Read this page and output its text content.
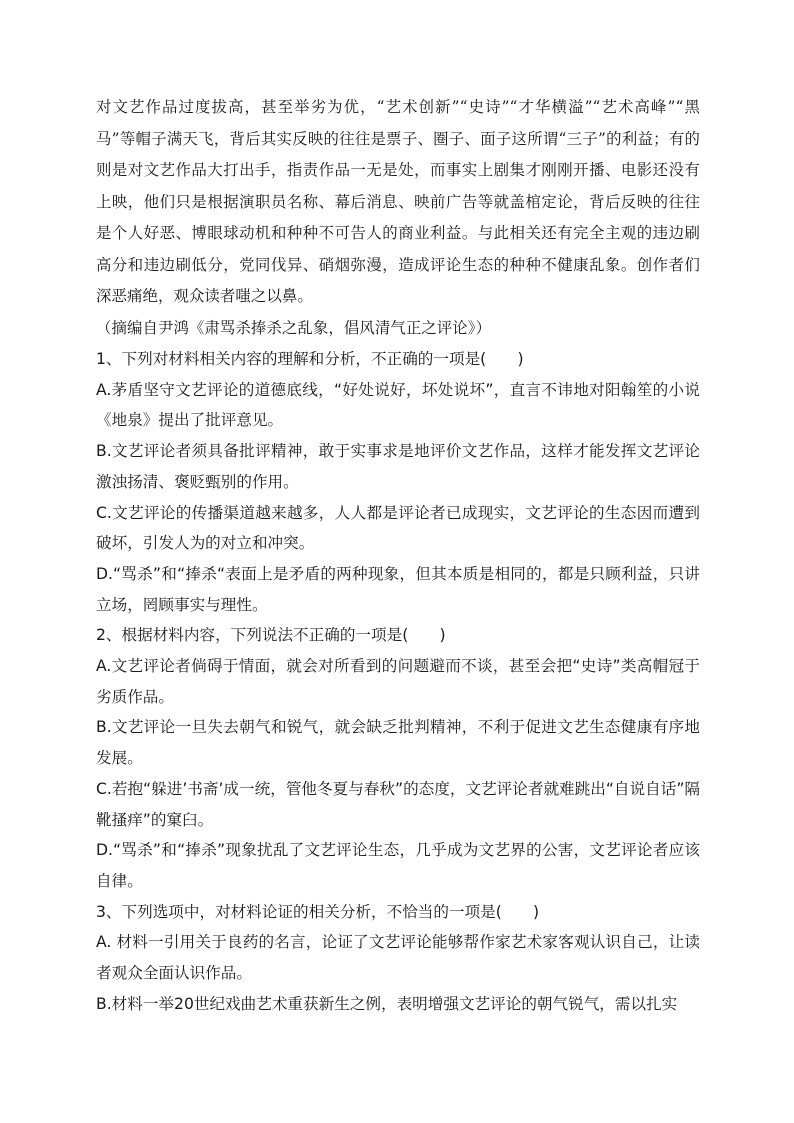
对文艺作品过度拔高，甚至举劣为优，“艺术创新”“史诗”“才华横溢”“艺术高峰”“黑马”等帽子满天飞，背后其实反映的往往是票子、圈子、面子这所谓“三子”的利益；有的则是对文艺作品大打出手，指责作品一无是处，而事实上剧集才刚刚开播、电影还没有上映，他们只是根据演职员名称、幕后消息、映前广告等就盖棺定论，背后反映的往往是个人好恶、博眼球动机和种种不可告人的商业利益。与此相关还有完全主观的违边刷高分和违边刷低分，党同伐异、硝烟弥漫，造成评论生态的种种不健康乱象。创作者们深恶痛绝，观众读者嗤之以鼻。

（摘编自尹鸿《肃骂杀捧杀之乱象，倡风清气正之评论》）

1、下列对材料相关内容的理解和分析，不正确的一项是(　　)

A.茅盾坚守文艺评论的道德底线，“好处说好，坏处说坏”，直言不讳地对阳翰笙的小说《地泉》提出了批评意见。

B.文艺评论者须具备批评精神，敢于实事求是地评价文艺作品，这样才能发挥文艺评论激浊扬清、褒贬甄别的作用。

C.文艺评论的传播渠道越来越多，人人都是评论者已成现实，文艺评论的生态因而遭到破坏，引发人为的对立和冲突。

D.“骂杀”和“捧杀“表面上是矛盾的两种现象，但其本质是相同的，都是只顾利益，只讲立场，罔顾事实与理性。

2、根据材料内容，下列说法不正确的一项是(　　)

A.文艺评论者倘碍于情面，就会对所看到的问题避而不谈，甚至会把“史诗”类高帽冠于劣质作品。

B.文艺评论一旦失去朝气和锐气，就会缺乏批判精神，不利于促进文艺生态健康有序地发展。

C.若抱“躲进’书斋’成一统，管他冬夏与春秋”的态度，文艺评论者就难跳出“自说自话”隔靴搔痒”的窠臼。

D.“骂杀”和“捧杀”现象扰乱了文艺评论生态，几乎成为文艺界的公害，文艺评论者应该自律。

3、下列选项中，对材料论证的相关分析，不恰当的一项是(　　)

A. 材料一引用关于良药的名言，论证了文艺评论能够帮作家艺术家客观认识自己，让读者观众全面认识作品。

B.材料一举20世纪戏曲艺术重获新生之例，表明增强文艺评论的朝气锐气，需以扎实
